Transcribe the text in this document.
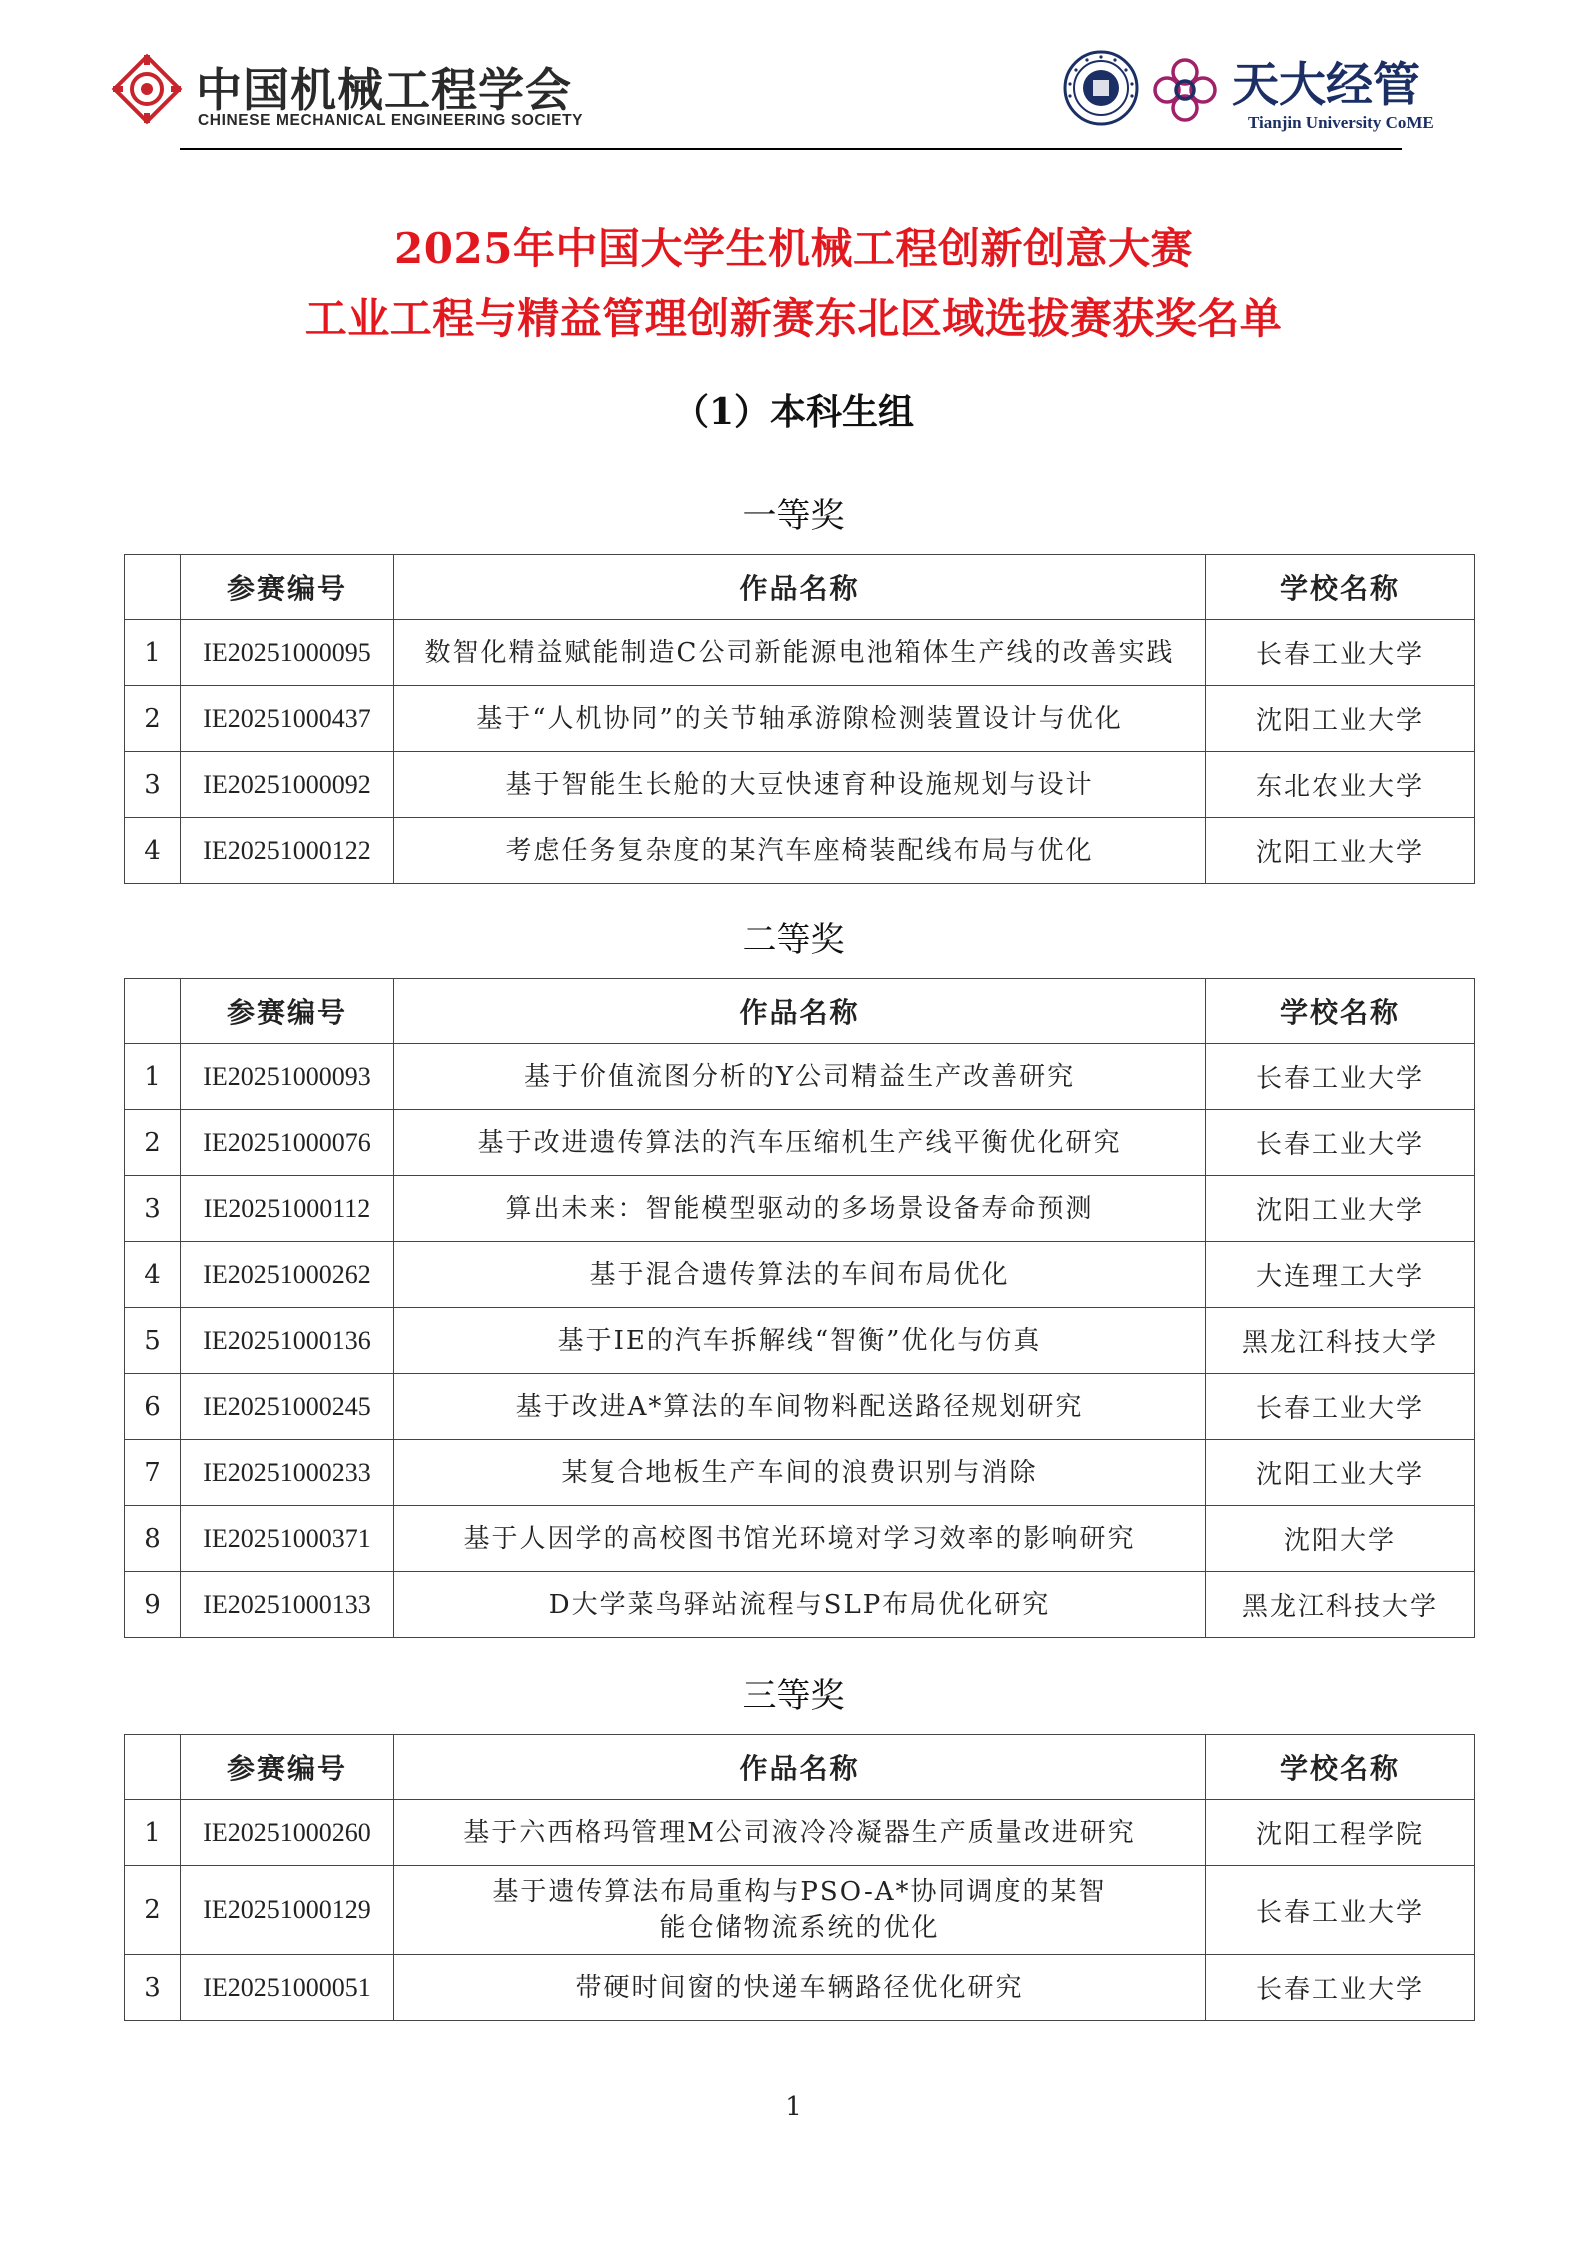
中国机械工程学会
CHINESE MECHANICAL ENGINEERING SOCIETY
天大经管
Tianjin University CoME
2025年中国大学生机械工程创新创意大赛
工业工程与精益管理创新赛东北区域选拔赛获奖名单
（1）本科生组
一等奖
	参赛编号	作品名称	学校名称
1	IE20251000095	数智化精益赋能制造C公司新能源电池箱体生产线的改善实践	长春工业大学
2	IE20251000437	基于“人机协同”的关节轴承游隙检测装置设计与优化	沈阳工业大学
3	IE20251000092	基于智能生长舱的大豆快速育种设施规划与设计	东北农业大学
4	IE20251000122	考虑任务复杂度的某汽车座椅装配线布局与优化	沈阳工业大学
二等奖
	参赛编号	作品名称	学校名称
1	IE20251000093	基于价值流图分析的Y公司精益生产改善研究	长春工业大学
2	IE20251000076	基于改进遗传算法的汽车压缩机生产线平衡优化研究	长春工业大学
3	IE20251000112	算出未来：智能模型驱动的多场景设备寿命预测	沈阳工业大学
4	IE20251000262	基于混合遗传算法的车间布局优化	大连理工大学
5	IE20251000136	基于IE的汽车拆解线“智衡”优化与仿真	黑龙江科技大学
6	IE20251000245	基于改进A*算法的车间物料配送路径规划研究	长春工业大学
7	IE20251000233	某复合地板生产车间的浪费识别与消除	沈阳工业大学
8	IE20251000371	基于人因学的高校图书馆光环境对学习效率的影响研究	沈阳大学
9	IE20251000133	D大学菜鸟驿站流程与SLP布局优化研究	黑龙江科技大学
三等奖
	参赛编号	作品名称	学校名称
1	IE20251000260	基于六西格玛管理M公司液冷冷凝器生产质量改进研究	沈阳工程学院
2	IE20251000129	基于遗传算法布局重构与PSO-A*协同调度的某智能仓储物流系统的优化	长春工业大学
3	IE20251000051	带硬时间窗的快递车辆路径优化研究	长春工业大学
1
